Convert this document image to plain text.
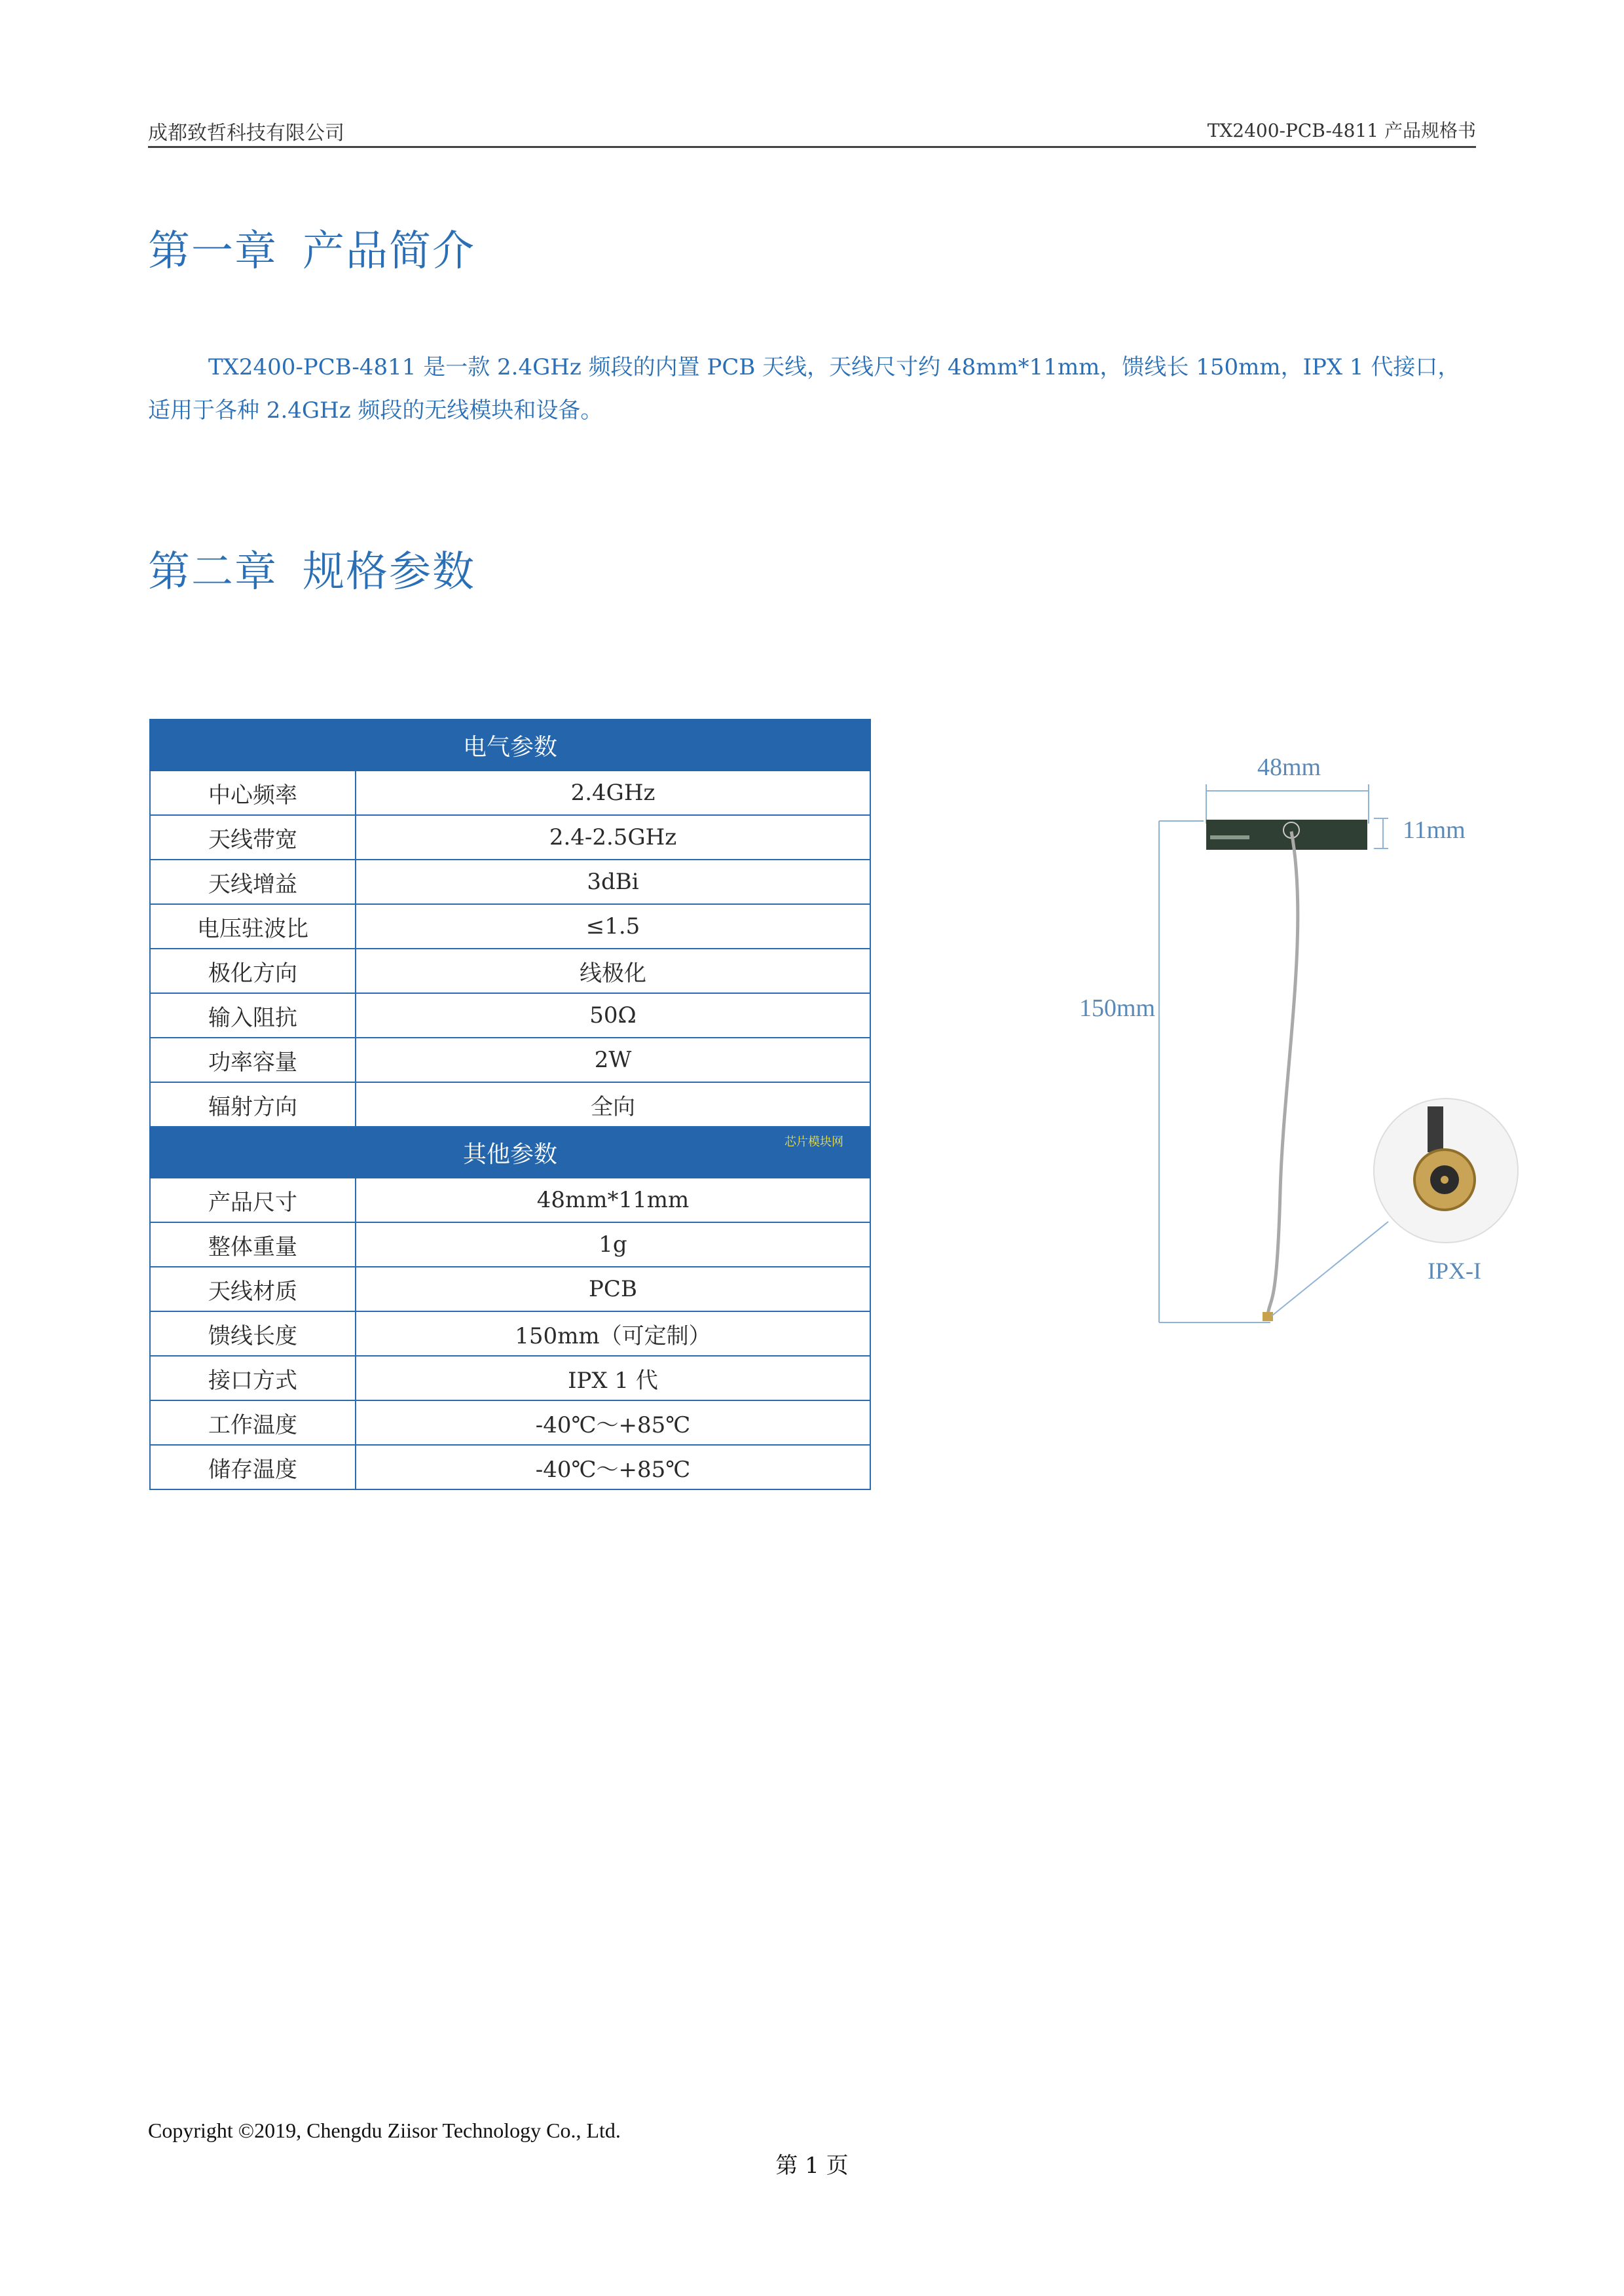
成都致哲科技有限公司	TX2400-PCB-4811 产品规格书
第一章 产品简介
TX2400-PCB-4811 是一款 2.4GHz 频段的内置 PCB 天线，天线尺寸约 48mm*11mm，馈线长 150mm，IPX 1 代接口，适用于各种 2.4GHz 频段的无线模块和设备。
第二章 规格参数
电气参数	
中心频率	2.4GHz
天线带宽	2.4-2.5GHz
天线增益	3dBi
电压驻波比	≤1.5
极化方向	线极化
输入阻抗	50Ω
功率容量	2W
辐射方向	全向
其他参数 芯片模块网	

产品尺寸	48mm*11mm
整体重量	1g
天线材质	PCB
馈线长度	150mm（可定制）
接口方式	IPX 1 代
工作温度	-40℃～+85℃
储存温度	-40℃～+85℃
48mm
11mm
150mm
IPX-I
Copyright ©2019, Chengdu Ziisor Technology Co., Ltd.
第 1 页
